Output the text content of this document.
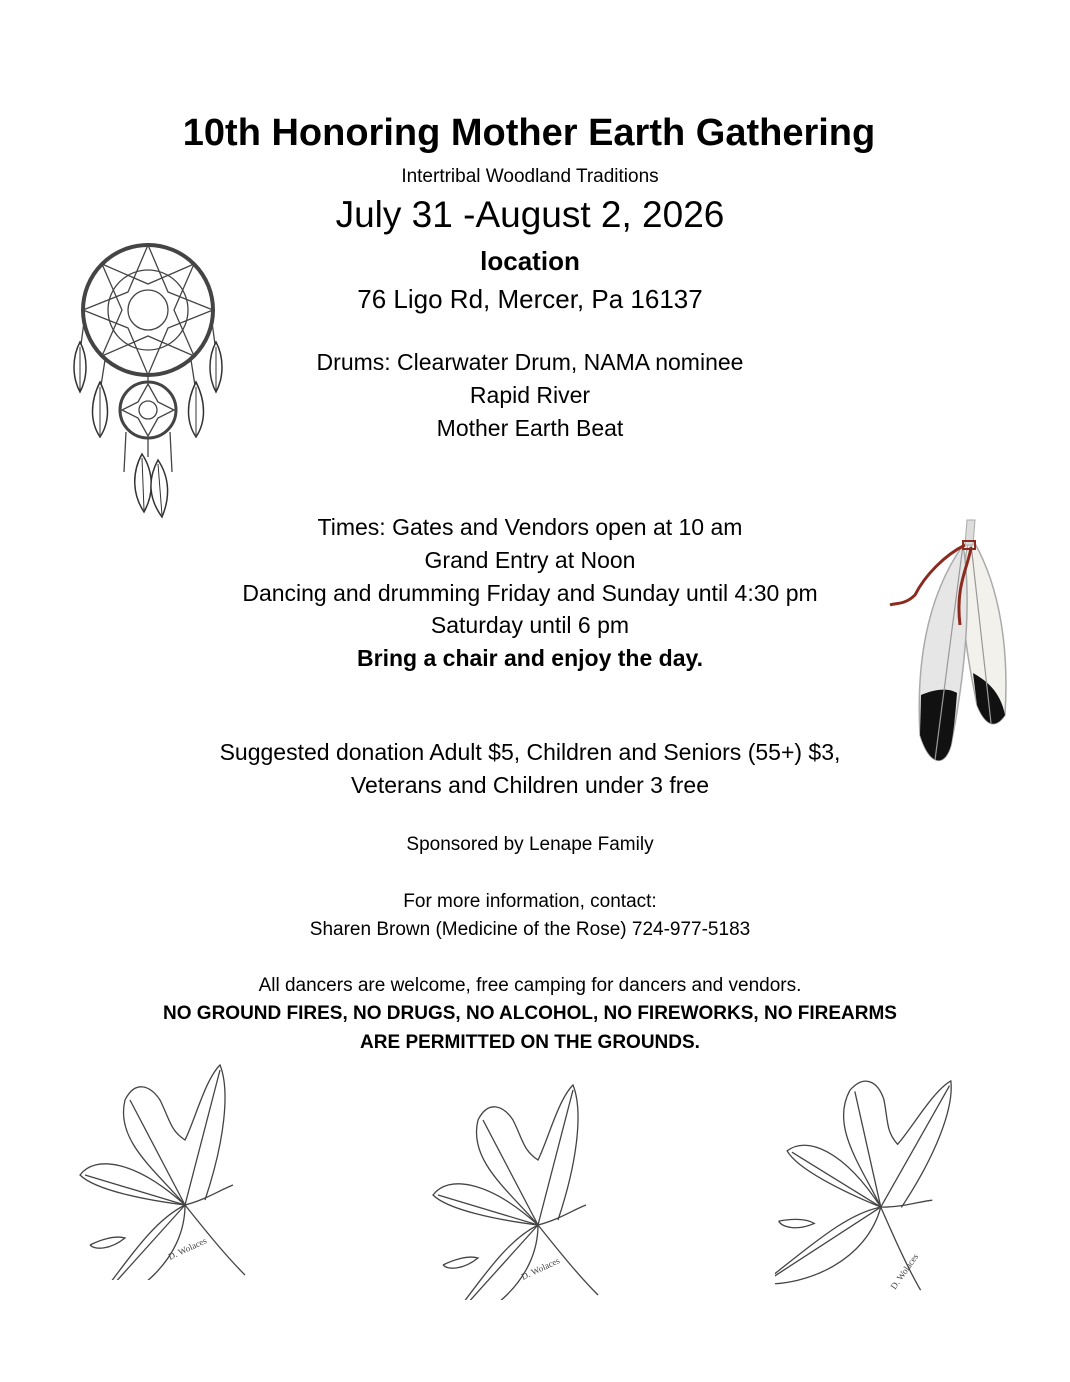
10th Honoring Mother Earth Gathering
Intertribal Woodland Traditions
July 31 -August 2, 2026
location
76 Ligo Rd, Mercer, Pa 16137
Drums: Clearwater Drum, NAMA nominee
Rapid River
Mother Earth Beat
Times: Gates and Vendors open at 10 am
Grand Entry at Noon
Dancing and drumming Friday and Sunday until 4:30 pm
Saturday until 6 pm
Bring a chair and enjoy the day.
Suggested donation Adult $5, Children and Seniors (55+) $3,
Veterans and Children under 3 free
Sponsored by Lenape Family
For more information, contact:
Sharen Brown (Medicine of the Rose) 724-977-5183
All dancers are welcome, free camping for dancers and vendors.
NO GROUND FIRES, NO DRUGS, NO ALCOHOL, NO FIREWORKS, NO FIREARMS
ARE PERMITTED ON THE GROUNDS.
D. Wolaces
D. Wolaces	D. Wolaces
